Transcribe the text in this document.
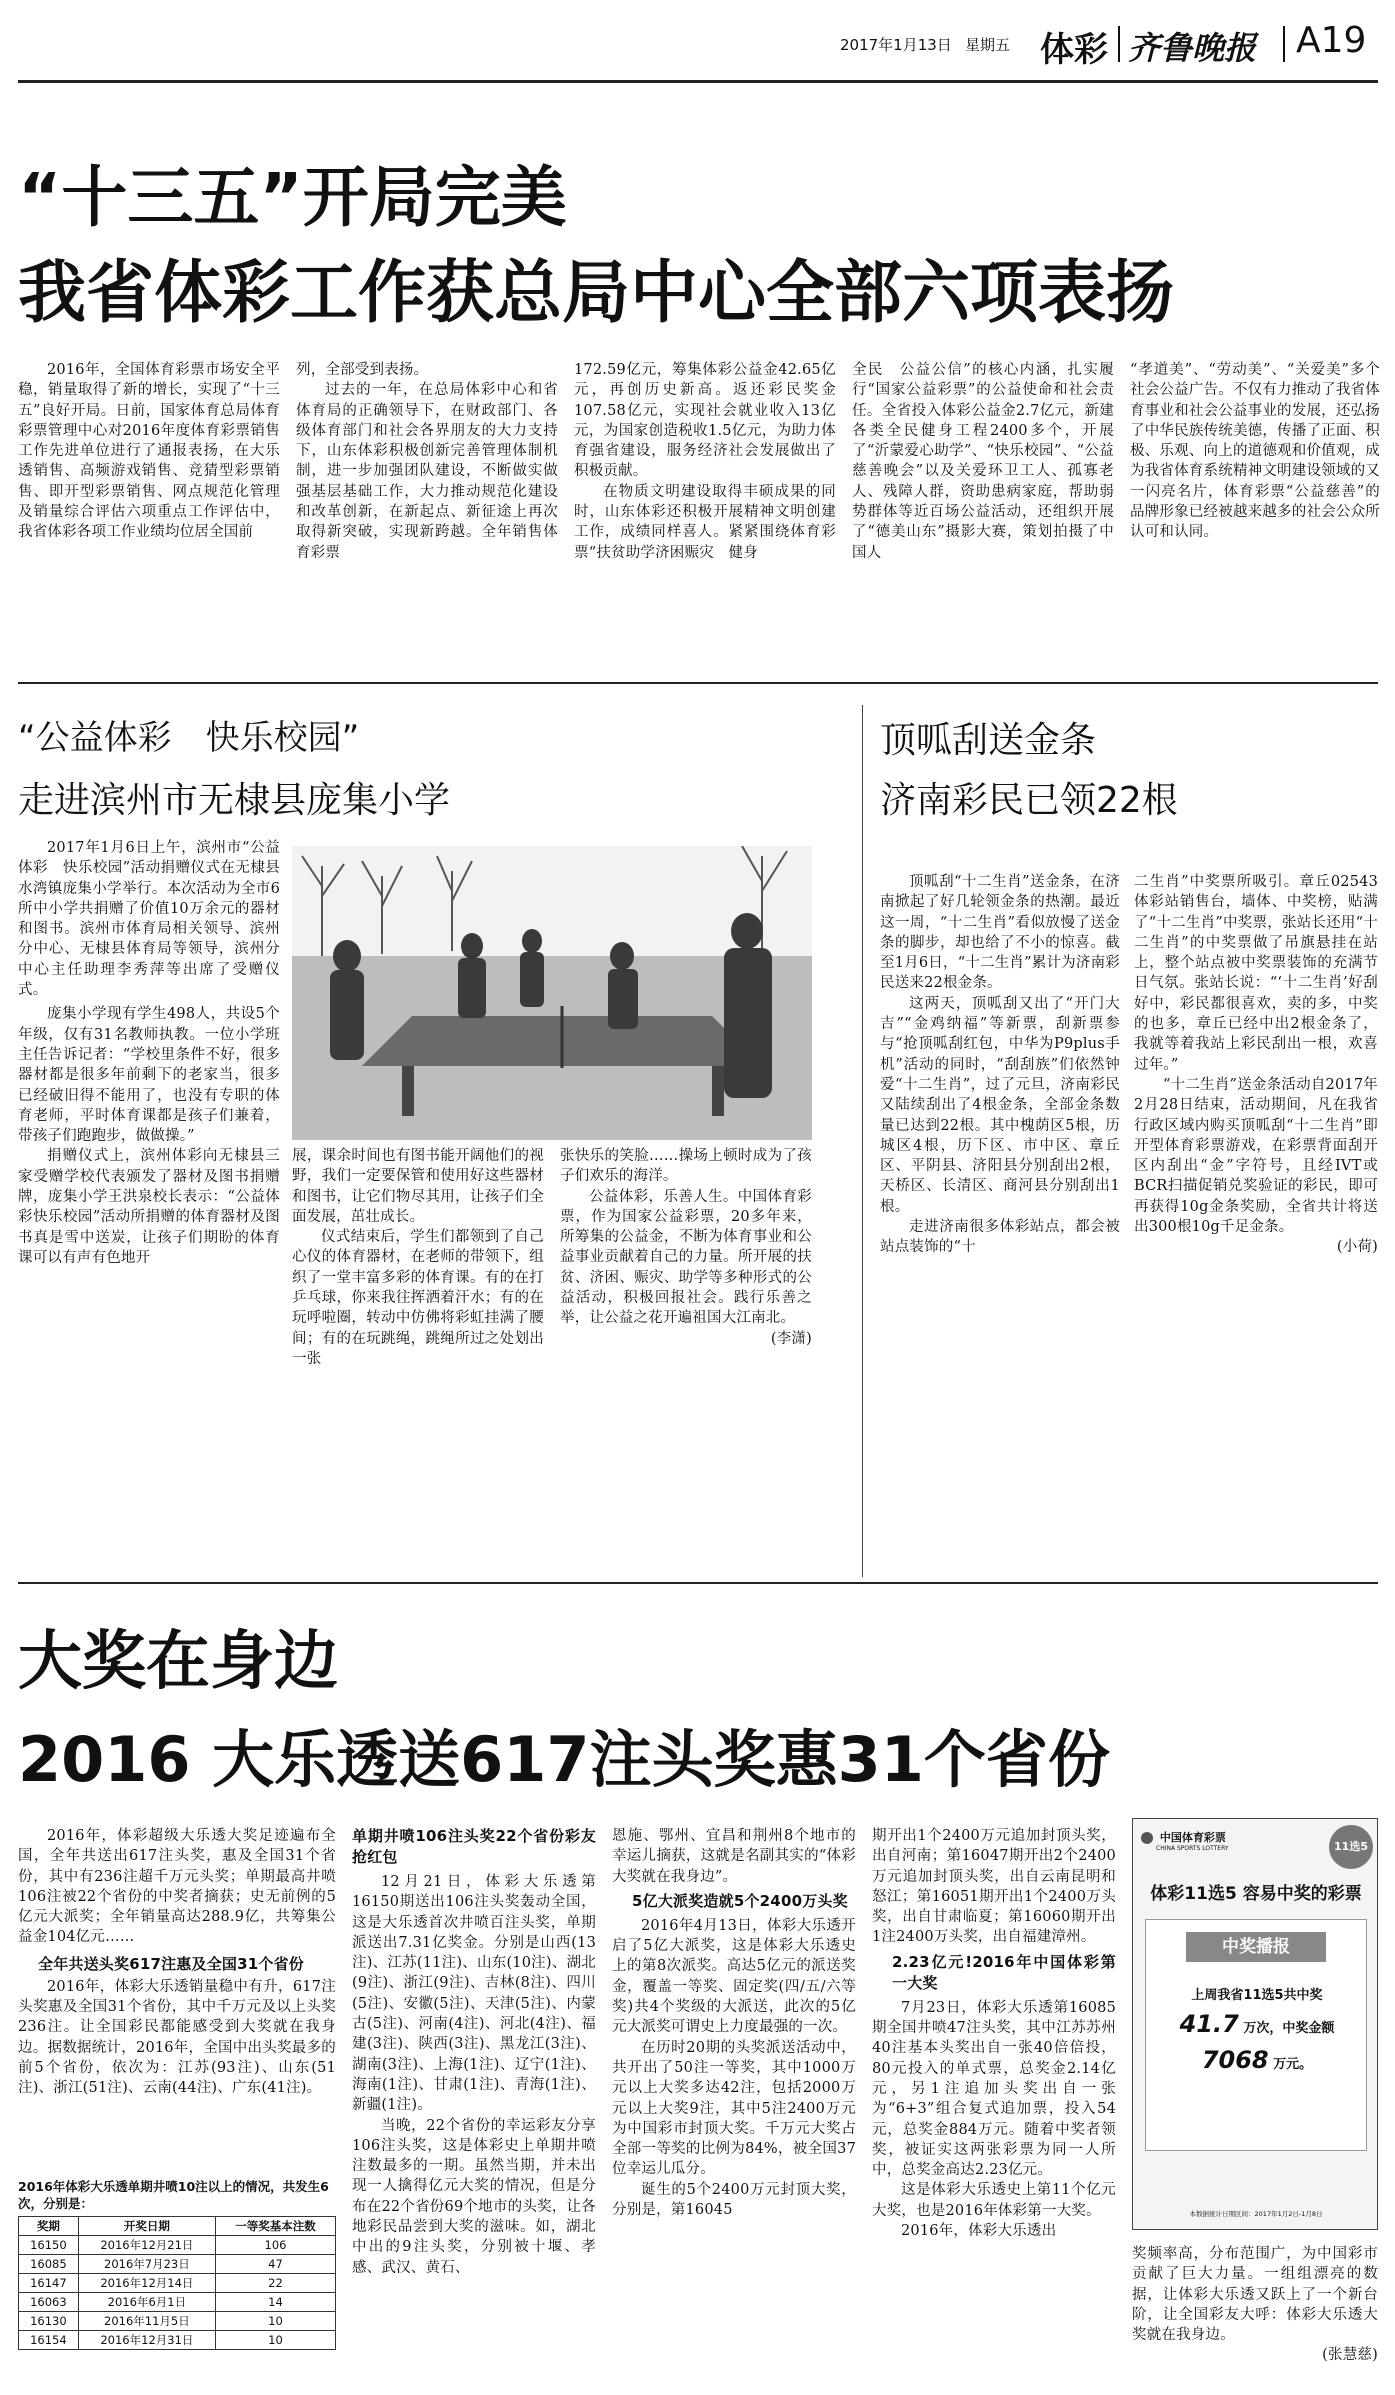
2017年1月13日 星期五 体彩 齐鲁晚报 A19
“十三五”开局完美
我省体彩工作获总局中心全部六项表扬

2016年，全国体育彩票市场安全平稳，销量取得了新的增长，实现了“十三五”良好开局。日前，国家体育总局体育彩票管理中心对2016年度体育彩票销售工作先进单位进行了通报表扬，在大乐透销售、高频游戏销售、竞猜型彩票销售、即开型彩票销售、网点规范化管理及销量综合评估六项重点工作评估中，我省体彩各项工作业绩均位居全国前

列，全部受到表扬。

过去的一年，在总局体彩中心和省体育局的正确领导下，在财政部门、各级体育部门和社会各界朋友的大力支持下，山东体彩积极创新完善管理体制机制，进一步加强团队建设，不断做实做强基层基础工作，大力推动规范化建设和改革创新，在新起点、新征途上再次取得新突破，实现新跨越。全年销售体育彩票

172.59亿元，筹集体彩公益金42.65亿元，再创历史新高。返还彩民奖金107.58亿元，实现社会就业收入13亿元，为国家创造税收1.5亿元，为助力体育强省建设，服务经济社会发展做出了积极贡献。

在物质文明建设取得丰硕成果的同时，山东体彩还积极开展精神文明创建工作，成绩同样喜人。紧紧围绕体育彩票“扶贫助学济困赈灾　健身

全民　公益公信”的核心内涵，扎实履行“国家公益彩票”的公益使命和社会责任。全省投入体彩公益金2.7亿元，新建各类全民健身工程2400多个，开展了“沂蒙爱心助学”、“快乐校园”、“公益慈善晚会”以及关爱环卫工人、孤寡老人、残障人群，资助患病家庭，帮助弱势群体等近百场公益活动，还组织开展了“德美山东”摄影大赛，策划拍摄了中国人

“孝道美”、“劳动美”、“关爱美”多个社会公益广告。不仅有力推动了我省体育事业和社会公益事业的发展，还弘扬了中华民族传统美德，传播了正面、积极、乐观、向上的道德观和价值观，成为我省体育系统精神文明建设领域的又一闪亮名片，体育彩票“公益慈善”的品牌形象已经被越来越多的社会公众所认可和认同。

“公益体彩　快乐校园”
走进滨州市无棣县庞集小学

2017年1月6日上午，滨州市“公益体彩　快乐校园”活动捐赠仪式在无棣县水湾镇庞集小学举行。本次活动为全市6所中小学共捐赠了价值10万余元的器材和图书。滨州市体育局相关领导、滨州分中心、无棣县体育局等领导，滨州分中心主任助理李秀萍等出席了受赠仪式。

庞集小学现有学生498人，共设5个年级，仅有31名教师执教。一位小学班主任告诉记者：“学校里条件不好，很多器材都是很多年前剩下的老家当，很多已经破旧得不能用了，也没有专职的体育老师，平时体育课都是孩子们兼着，带孩子们跑跑步，做做操。”

捐赠仪式上，滨州体彩向无棣县三家受赠学校代表颁发了器材及图书捐赠牌，庞集小学王洪泉校长表示：“公益体彩快乐校园”活动所捐赠的体育器材及图书真是雪中送炭，让孩子们期盼的体育课可以有声有色地开

展，课余时间也有图书能开阔他们的视野，我们一定要保管和使用好这些器材和图书，让它们物尽其用，让孩子们全面发展，茁壮成长。

仪式结束后，学生们都领到了自己心仪的体育器材，在老师的带领下，组织了一堂丰富多彩的体育课。有的在打乒乓球，你来我往挥洒着汗水；有的在玩呼啦圈，转动中仿佛将彩虹挂满了腰间；有的在玩跳绳，跳绳所过之处划出一张

张快乐的笑脸……操场上顿时成为了孩子们欢乐的海洋。

公益体彩，乐善人生。中国体育彩票，作为国家公益彩票，20多年来，所筹集的公益金，不断为体育事业和公益事业贡献着自己的力量。所开展的扶贫、济困、赈灾、助学等多种形式的公益活动，积极回报社会。践行乐善之举，让公益之花开遍祖国大江南北。

(李潇)

顶呱刮送金条
济南彩民已领22根

顶呱刮“十二生肖”送金条，在济南掀起了好几轮领金条的热潮。最近这一周，“十二生肖”看似放慢了送金条的脚步，却也给了不小的惊喜。截至1月6日，“十二生肖”累计为济南彩民送来22根金条。

这两天，顶呱刮又出了“开门大吉”“金鸡纳福”等新票，刮新票参与“抢顶呱刮红包，中华为P9plus手机”活动的同时，“刮刮族”们依然钟爱“十二生肖”，过了元旦，济南彩民又陆续刮出了4根金条，全部金条数量已达到22根。其中槐荫区5根，历城区4根，历下区、市中区、章丘区、平阴县、济阳县分别刮出2根，天桥区、长清区、商河县分别刮出1根。

走进济南很多体彩站点，都会被站点装饰的“十

二生肖”中奖票所吸引。章丘02543体彩站销售台，墙体、中奖榜，贴满了“十二生肖”中奖票，张站长还用“十二生肖”的中奖票做了吊旗悬挂在站上，整个站点被中奖票装饰的充满节日气氛。张站长说：“‘十二生肖’好刮好中，彩民都很喜欢，卖的多，中奖的也多，章丘已经中出2根金条了，我就等着我站上彩民刮出一根，欢喜过年。”

“十二生肖”送金条活动自2017年2月28日结束，活动期间，凡在我省行政区域内购买顶呱刮“十二生肖”即开型体育彩票游戏，在彩票背面刮开区内刮出“金”字符号，且经IVT或BCR扫描促销兑奖验证的彩民，即可再获得10g金条奖励，全省共计将送出300根10g千足金条。

(小荷)

大奖在身边
2016 大乐透送617注头奖惠31个省份

2016年，体彩超级大乐透大奖足迹遍布全国，全年共送出617注头奖，惠及全国31个省份，其中有236注超千万元头奖；单期最高井喷106注被22个省份的中奖者摘获；史无前例的5亿元大派奖；全年销量高达288.9亿，共筹集公益金104亿元……

全年共送头奖617注惠及全国31个省份

2016年，体彩大乐透销量稳中有升，617注头奖惠及全国31个省份，其中千万元及以上头奖236注。让全国彩民都能感受到大奖就在我身边。据数据统计，2016年，全国中出头奖最多的前5个省份，依次为：江苏(93注)、山东(51注)、浙江(51注)、云南(44注)、广东(41注)。

2016年体彩大乐透单期井喷10注以上的情况，共发生6次，分别是：
奖期	开奖日期	一等奖基本注数
16150	2016年12月21日	106
16085	2016年7月23日	47
16147	2016年12月14日	22
16063	2016年6月1日	14
16130	2016年11月5日	10
16154	2016年12月31日	10

单期井喷106注头奖22个省份彩友抢红包

12月21日，体彩大乐透第16150期送出106注头奖轰动全国，这是大乐透首次井喷百注头奖，单期派送出7.31亿奖金。分别是山西(13注)、江苏(11注)、山东(10注)、湖北(9注)、浙江(9注)、吉林(8注)、四川(5注)、安徽(5注)、天津(5注)、内蒙古(5注)、河南(4注)、河北(4注)、福建(3注)、陕西(3注)、黑龙江(3注)、湖南(3注)、上海(1注)、辽宁(1注)、海南(1注)、甘肃(1注)、青海(1注)、新疆(1注)。

当晚，22个省份的幸运彩友分享106注头奖，这是体彩史上单期井喷注数最多的一期。虽然当期，并未出现一人擒得亿元大奖的情况，但是分布在22个省份69个地市的头奖，让各地彩民品尝到大奖的滋味。如，湖北中出的9注头奖，分别被十堰、孝感、武汉、黄石、

恩施、鄂州、宜昌和荆州8个地市的幸运儿摘获，这就是名副其实的“体彩大奖就在我身边”。

5亿大派奖造就5个2400万头奖

2016年4月13日，体彩大乐透开启了5亿大派奖，这是体彩大乐透史上的第8次派奖。高达5亿元的派送奖金，覆盖一等奖、固定奖(四/五/六等奖)共4个奖级的大派送，此次的5亿元大派奖可谓史上力度最强的一次。

在历时20期的头奖派送活动中，共开出了50注一等奖，其中1000万元以上大奖多达42注，包括2000万元以上大奖9注，其中5注2400万元为中国彩市封顶大奖。千万元大奖占全部一等奖的比例为84%，被全国37位幸运儿瓜分。

诞生的5个2400万元封顶大奖，分别是，第16045

期开出1个2400万元追加封顶头奖，出自河南；第16047期开出2个2400万元追加封顶头奖，出自云南昆明和怒江；第16051期开出1个2400万头奖，出自甘肃临夏；第16060期开出1注2400万头奖，出自福建漳州。

2.23亿元!2016年中国体彩第一大奖

7月23日，体彩大乐透第16085期全国井喷47注头奖，其中江苏苏州40注基本头奖出自一张40倍倍投，80元投入的单式票，总奖金2.14亿元，另1注追加头奖出自一张为“6+3”组合复式追加票，投入54元，总奖金884万元。随着中奖者领奖，被证实这两张彩票为同一人所中，总奖金高达2.23亿元。

这是体彩大乐透史上第11个亿元大奖，也是2016年体彩第一大奖。

2016年，体彩大乐透出

中国体育彩票
CHINA SPORTS LOTTERY	11选5
体彩11选5 容易中奖的彩票
中奖播报
上周我省11选5共中奖
41.7 万次，中奖金额
7068 万元。
本数据统计日期区间：2017年1月2日-1月8日

奖频率高，分布范围广，为中国彩市贡献了巨大力量。一组组漂亮的数据，让体彩大乐透又跃上了一个新台阶，让全国彩友大呼：体彩大乐透大奖就在我身边。

(张慧慈)
